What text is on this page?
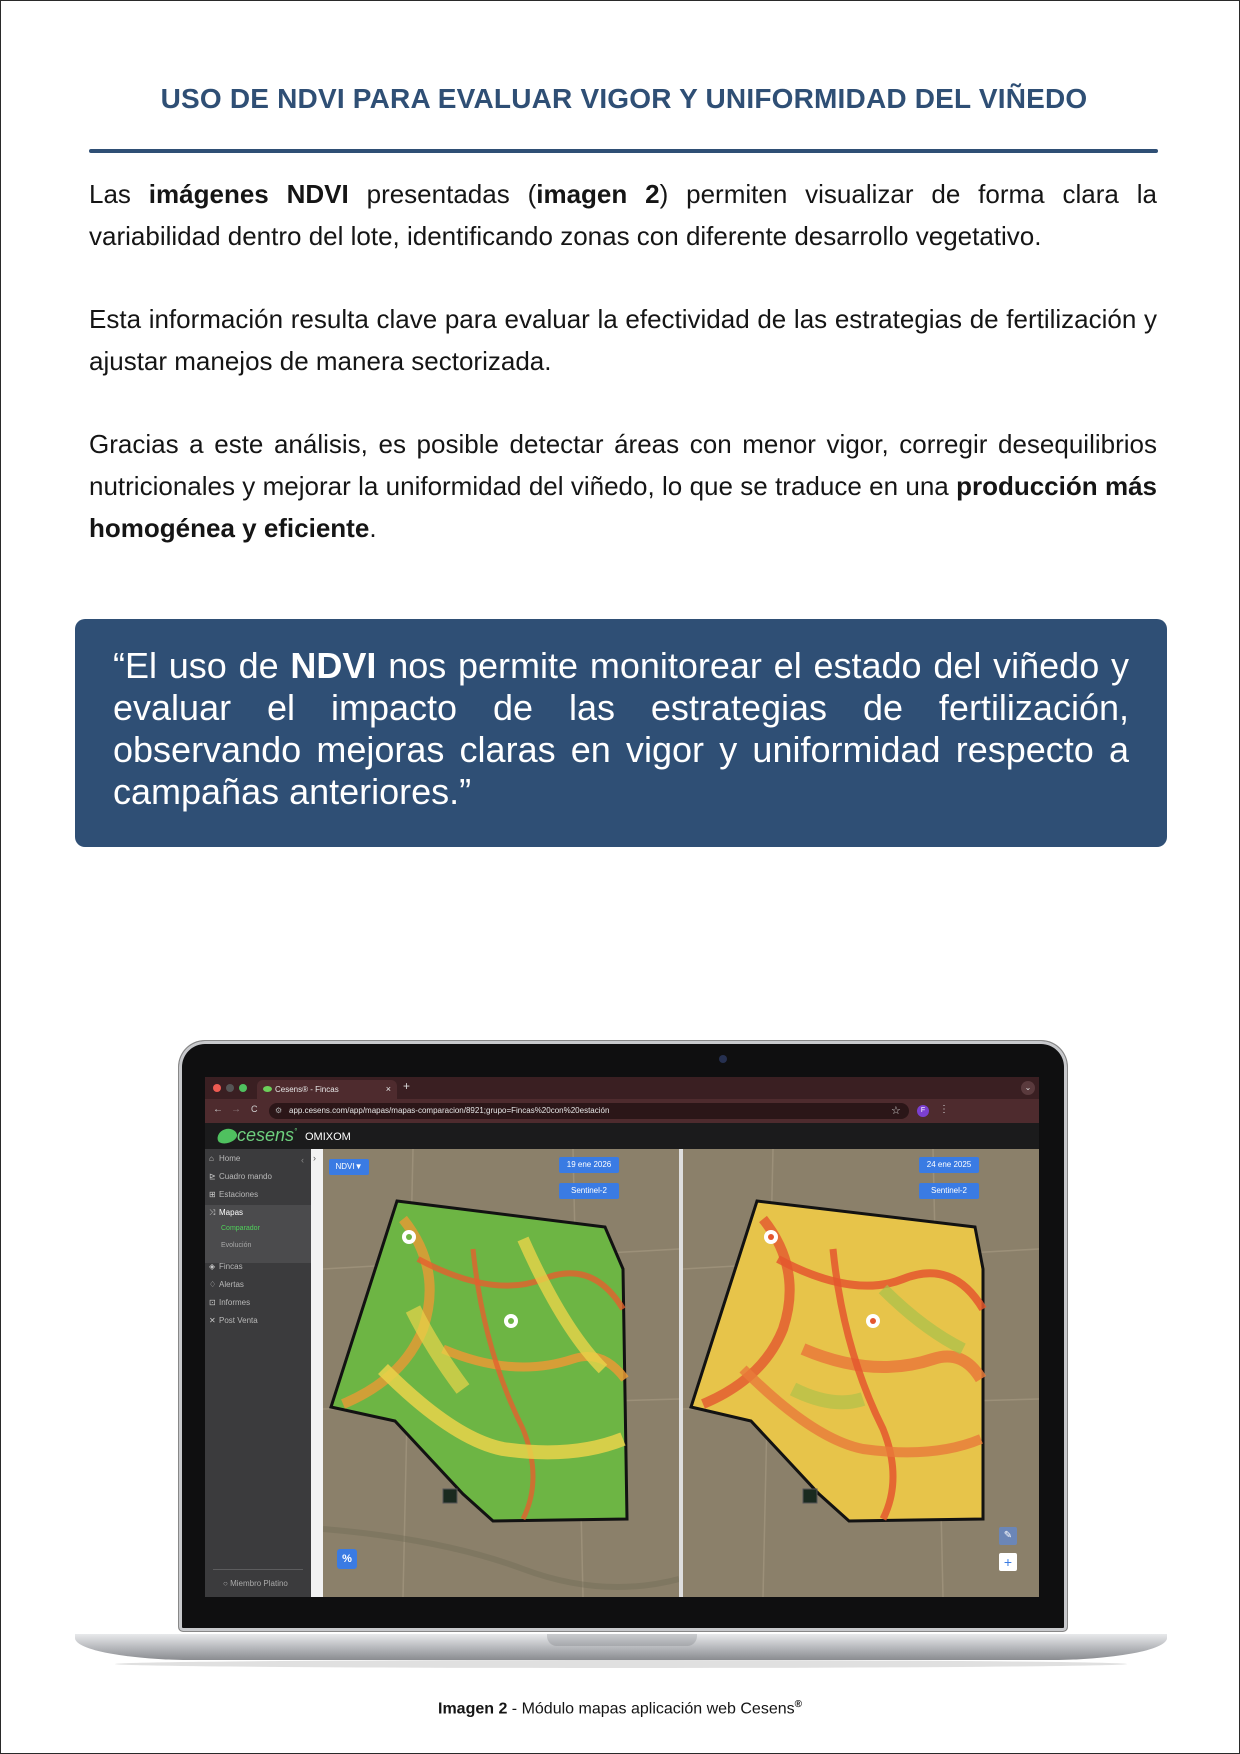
USO DE NDVI PARA EVALUAR VIGOR Y UNIFORMIDAD DEL VIÑEDO
Las imágenes NDVI presentadas (imagen 2) permiten visualizar de forma clara la variabilidad dentro del lote, identificando zonas con diferente desarrollo vegetativo.
Esta información resulta clave para evaluar la efectividad de las estrategias de fertilización y ajustar manejos de manera sectorizada.
Gracias a este análisis, es posible detectar áreas con menor vigor, corregir desequilibrios nutricionales y mejorar la uniformidad del viñedo, lo que se traduce en una producción más homogénea y eficiente.
“El uso de NDVI nos permite monitorear el estado del viñedo y evaluar el impacto de las estrategias de fertilización, observando mejoras claras en vigor y uniformidad respecto a campañas anteriores.”
Cesens® - Fincas	× +	⌄
← → C ⚙ app.cesens.com/app/mapas/mapas-comparacion/8921;grupo=Fincas%20con%20estación	☆	F	⋮
cesens° OMIXOM
‹
⌂ Home
⊵ Cuadro mando
⊞ Estaciones
⤨ Mapas
Comparador
Evolución
◈ Fincas
♢ Alertas
⊡ Informes
✕ Post Venta
○ Miembro Platino
›
NDVI▼	19 ene 2026
Sentinel-2
%
24 ene 2025
Sentinel-2
✎
+
Imagen 2 - Módulo mapas aplicación web Cesens®
